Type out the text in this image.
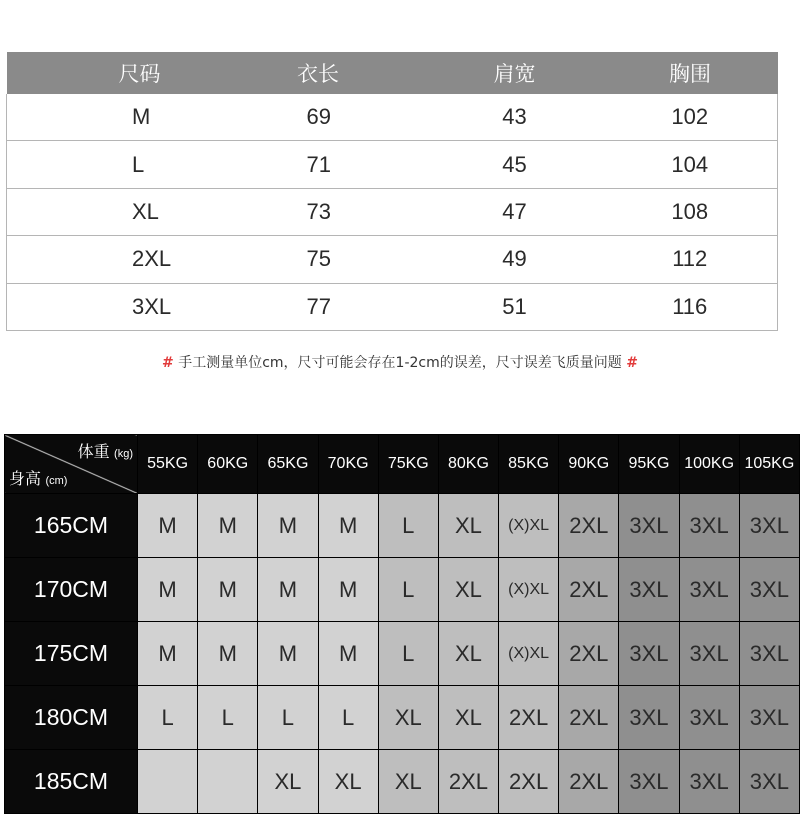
尺码	衣长	肩宽	胸围
M	69	43	102
L	71	45	104
XL	73	47	108
2XL	75	49	112
3XL	77	51	116
# 手工测量单位cm，尺寸可能会存在1-2cm的误差，尺寸误差飞质量问题 #
体重 (kg)
身高 (cm)	55KG	60KG	65KG	70KG	75KG	80KG	85KG	90KG	95KG	100KG	105KG
165CM	M	M	M	M	L	XL	(X)XL	2XL	3XL	3XL	3XL
170CM	M	M	M	M	L	XL	(X)XL	2XL	3XL	3XL	3XL
175CM	M	M	M	M	L	XL	(X)XL	2XL	3XL	3XL	3XL
180CM	L	L	L	L	XL	XL	2XL	2XL	3XL	3XL	3XL
185CM			XL	XL	XL	2XL	2XL	2XL	3XL	3XL	3XL
